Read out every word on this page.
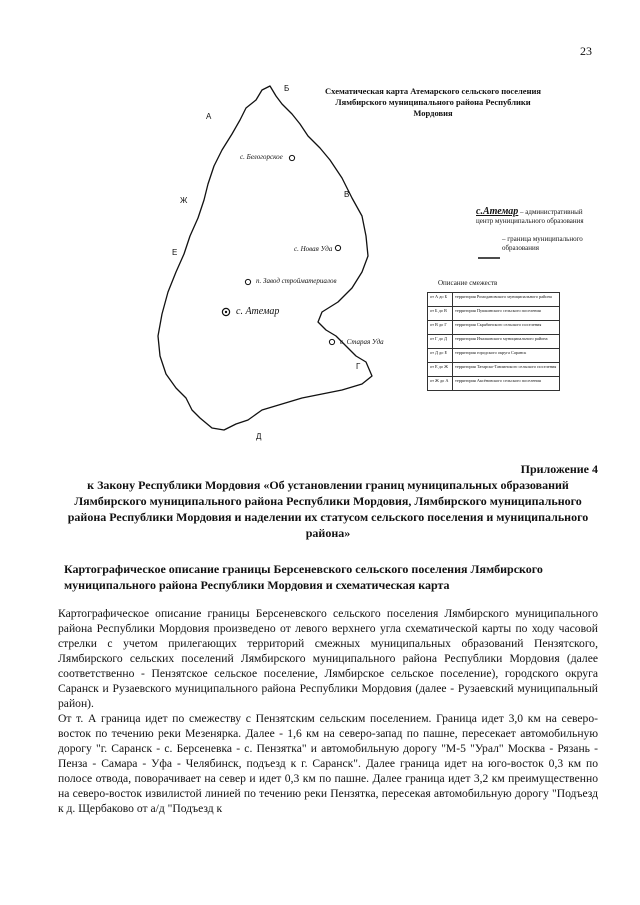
23
Схематическая карта Атемарского сельского поселения Лямбирского муниципального района Республики Мордовия
Б
А
В
Ж
Е
Г
Д
с. Белогорское
с. Новая Уда
п. Завод стройматериалов
с. Атемар
с. Старая Уда
с.Атемар – административный центр муниципального образования
– граница муниципального образования
Описание смежеств
от А до Б	территория Ромодановского муниципального района
от Б до В	территория Пушкинского сельского поселения
от В до Г	территория Скрябинского сельского поселения
от Г до Д	территория Ичалковского муниципального района
от Д до Е	территория городского округа Саранск
от Е до Ж	территория Татарско-Тавлинского сельского поселения
от Ж до А	территория Аксёновского сельского поселения
Приложение 4
к Закону Республики Мордовия «Об установлении границ муниципальных образований Лямбирского муниципального района Республики Мордовия, Лямбирского муниципального района Республики Мордовия и наделении их статусом сельского поселения и муниципального района»
Картографическое описание границы Берсеневского сельского поселения Лямбирского муниципального района Республики Мордовия и схематическая карта

Картографическое описание границы Берсеневского сельского поселения Лямбирского муниципального района Республики Мордовия произведено от левого верхнего угла схематической карты по ходу часовой стрелки с учетом прилегающих территорий смежных муниципальных образований Пензятского, Лямбирского сельских поселений Лямбирского муниципального района Республики Мордовия (далее соответственно - Пензятское сельское поселение, Лямбирское сельское поселение), городского округа Саранск и Рузаевского муниципального района Республики Мордовия (далее - Рузаевский муниципальный район).

От т. А граница идет по смежеству с Пензятским сельским поселением. Граница идет 3,0 км на северо-восток по течению реки Мезенярка. Далее - 1,6 км на северо-запад по пашне, пересекает автомобильную дорогу "г. Саранск - с. Берсеневка - с. Пензятка" и автомобильную дорогу "М-5 "Урал" Москва - Рязань - Пенза - Самара - Уфа - Челябинск, подъезд к г. Саранск". Далее граница идет на юго-восток 0,3 км по полосе отвода, поворачивает на север и идет 0,3 км по пашне. Далее граница идет 3,2 км преимущественно на северо-восток извилистой линией по течению реки Пензятка, пересекая автомобильную дорогу "Подъезд к д. Щербаково от а/д "Подъезд к
